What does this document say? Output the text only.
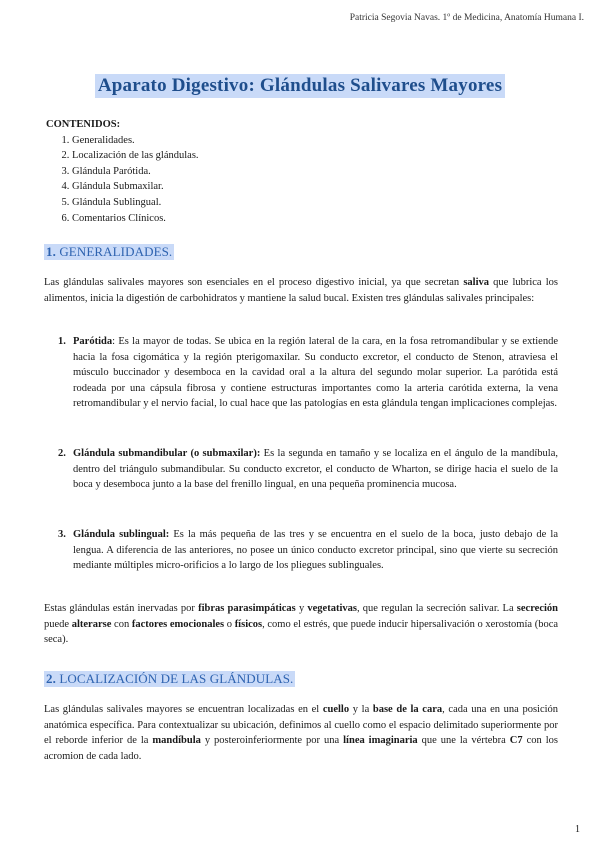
Patricia Segovia Navas. 1º de Medicina, Anatomía Humana I.
Aparato Digestivo: Glándulas Salivares Mayores
CONTENIDOS:
1. Generalidades.
2. Localización de las glándulas.
3. Glándula Parótida.
4. Glándula Submaxilar.
5. Glándula Sublingual.
6. Comentarios Clínicos.
1. GENERALIDADES.
Las glándulas salivales mayores son esenciales en el proceso digestivo inicial, ya que secretan saliva que lubrica los alimentos, inicia la digestión de carbohidratos y mantiene la salud bucal. Existen tres glándulas salivales principales:
1. Parótida: Es la mayor de todas. Se ubica en la región lateral de la cara, en la fosa retromandibular y se extiende hacia la fosa cigomática y la región pterigomaxilar. Su conducto excretor, el conducto de Stenon, atraviesa el músculo buccinador y desemboca en la cavidad oral a la altura del segundo molar superior. La parótida está rodeada por una cápsula fibrosa y contiene estructuras importantes como la arteria carótida externa, la vena retromandibular y el nervio facial, lo cual hace que las patologías en esta glándula tengan implicaciones complejas.
2. Glándula submandibular (o submaxilar): Es la segunda en tamaño y se localiza en el ángulo de la mandíbula, dentro del triángulo submandibular. Su conducto excretor, el conducto de Wharton, se dirige hacia el suelo de la boca y desemboca junto a la base del frenillo lingual, en una pequeña prominencia mucosa.
3. Glándula sublingual: Es la más pequeña de las tres y se encuentra en el suelo de la boca, justo debajo de la lengua. A diferencia de las anteriores, no posee un único conducto excretor principal, sino que vierte su secreción mediante múltiples micro-orificios a lo largo de los pliegues sublinguales.
Estas glándulas están inervadas por fibras parasimpáticas y vegetativas, que regulan la secreción salivar. La secreción puede alterarse con factores emocionales o físicos, como el estrés, que puede inducir hipersalivación o xerostomía (boca seca).
2. LOCALIZACIÓN DE LAS GLÁNDULAS.
Las glándulas salivales mayores se encuentran localizadas en el cuello y la base de la cara, cada una en una posición anatómica específica. Para contextualizar su ubicación, definimos al cuello como el espacio delimitado superiormente por el reborde inferior de la mandíbula y posteroinferiormente por una línea imaginaria que une la vértebra C7 con los acromion de cada lado.
1
